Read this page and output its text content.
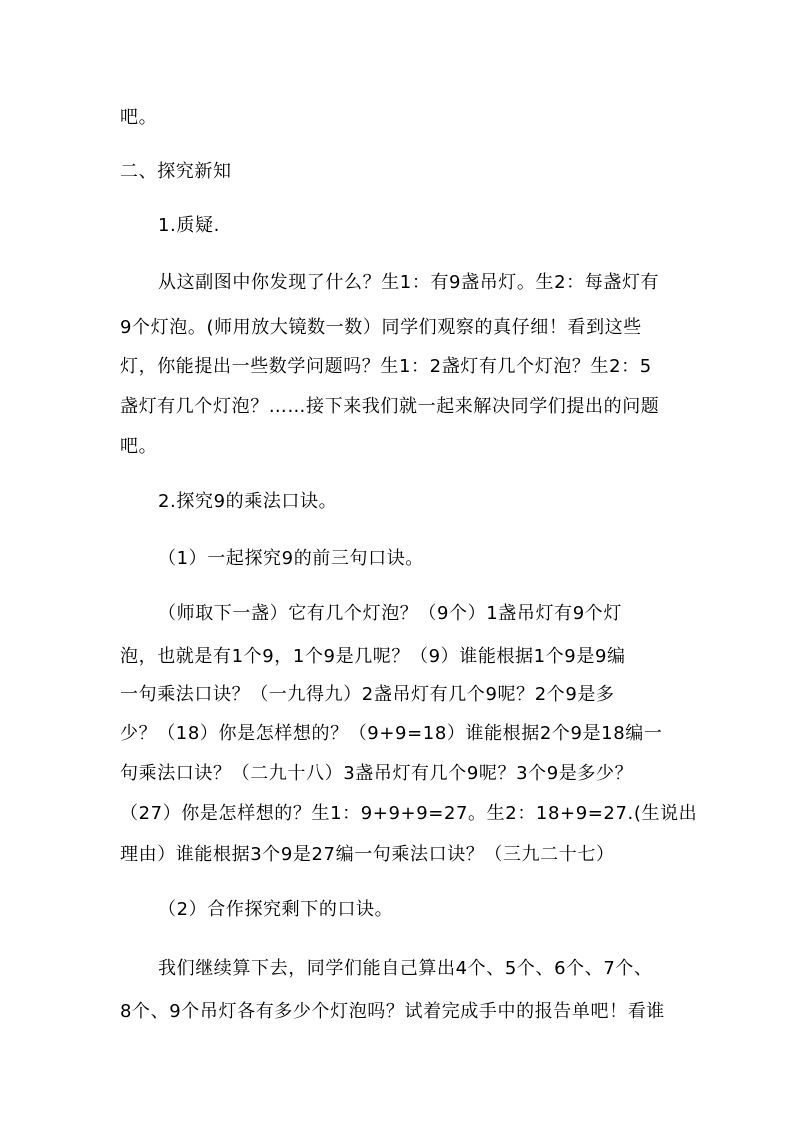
吧。

二、探究新知

1.质疑.

从这副图中你发现了什么？生1：有9盏吊灯。生2：每盏灯有

9个灯泡。(师用放大镜数一数）同学们观察的真仔细！看到这些

灯，你能提出一些数学问题吗？生1：2盏灯有几个灯泡？生2：5

盏灯有几个灯泡？……接下来我们就一起来解决同学们提出的问题

吧。

2.探究9的乘法口诀。

（1）一起探究9的前三句口诀。

（师取下一盏）它有几个灯泡？（9个）1盏吊灯有9个灯

泡，也就是有1个9，1个9是几呢？（9）谁能根据1个9是9编

一句乘法口诀？（一九得九）2盏吊灯有几个9呢？2个9是多

少？（18）你是怎样想的？（9+9=18）谁能根据2个9是18编一

句乘法口诀？（二九十八）3盏吊灯有几个9呢？3个9是多少？

（27）你是怎样想的？生1：9+9+9=27。生2：18+9=27.(生说出

理由）谁能根据3个9是27编一句乘法口诀？（三九二十七）

（2）合作探究剩下的口诀。

我们继续算下去，同学们能自己算出4个、5个、6个、7个、

8个、9个吊灯各有多少个灯泡吗？试着完成手中的报告单吧！看谁
